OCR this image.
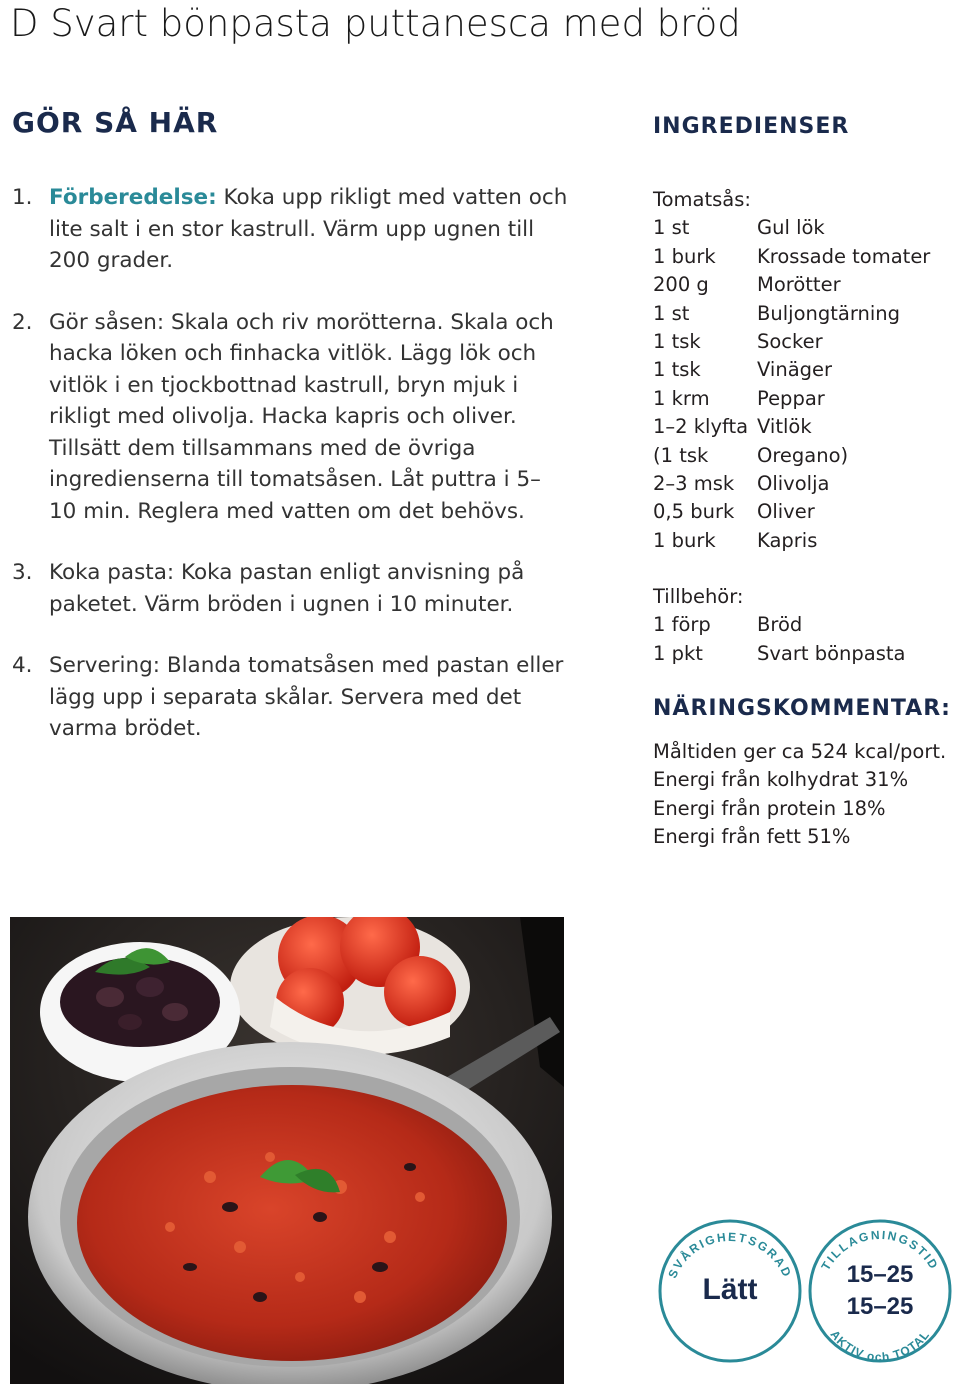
D Svart bönpasta puttanesca med bröd
GÖR SÅ HÄR
1. Förberedelse: Koka upp rikligt med vatten och lite salt i en stor kastrull. Värm upp ugnen till 200 grader.
2. Gör såsen: Skala och riv morötterna. Skala och hacka löken och finhacka vitlök. Lägg lök och vitlök i en tjockbottnad kastrull, bryn mjuk i rikligt med olivolja. Hacka kapris och oliver. Tillsätt dem tillsammans med de övriga ingredienserna till tomatsåsen. Låt puttra i 5–10 min. Reglera med vatten om det behövs.
3. Koka pasta: Koka pastan enligt anvisning på paketet. Värm bröden i ugnen i 10 minuter.
4. Servering: Blanda tomatsåsen med pastan eller lägg upp i separata skålar. Servera med det varma brödet.
INGREDIENSER
Tomatsås:
1 st	Gul lök
1 burk	Krossade tomater
200 g	Morötter
1 st	Buljongtärning
1 tsk	Socker
1 tsk	Vinäger
1 krm	Peppar
1–2 klyfta Vitlök
(1 tsk	Oregano)
2–3 msk	Olivolja
0,5 burk	Oliver
1 burk	Kapris
Tillbehör:
1 förp	Bröd
1 pkt	Svart bönpasta
NÄRINGSKOMMENTAR:
Måltiden ger ca 524 kcal/port.
Energi från kolhydrat 31%
Energi från protein 18%
Energi från fett 51%
SVÅRIGHETSGRAD
Lätt
TILLAGNINGSTID
AKTIV och TOTAL
15–25
15–25
